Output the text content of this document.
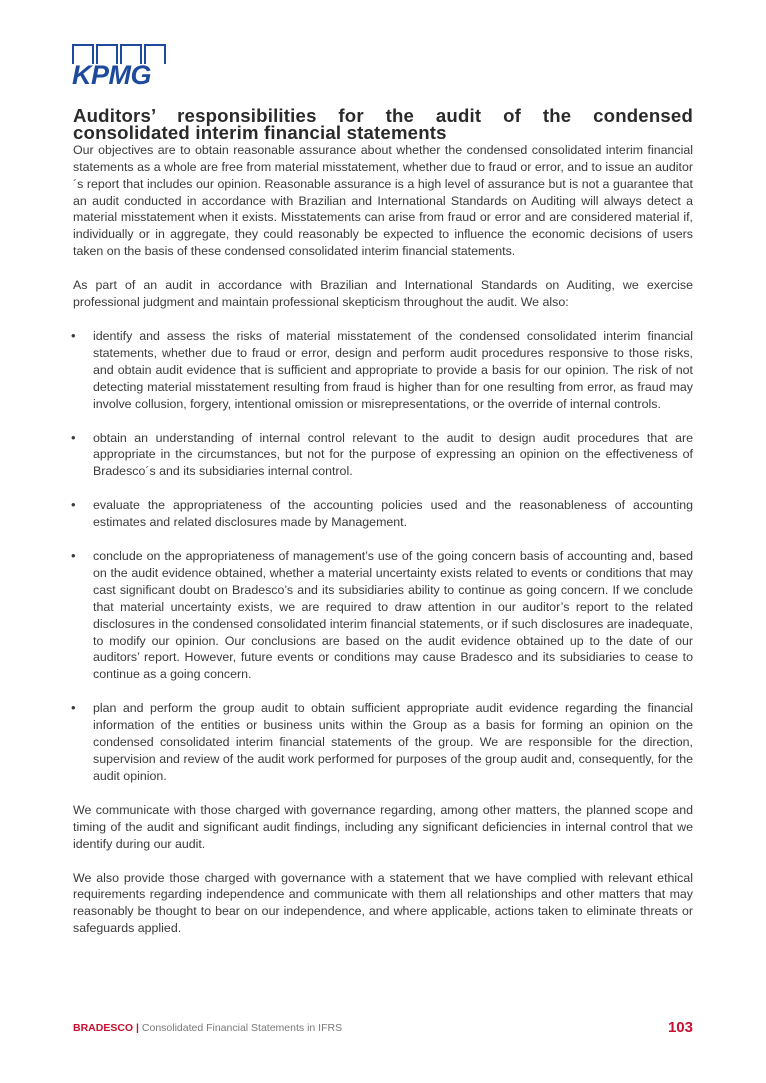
KPMG
Auditors’ responsibilities for the audit of the condensed consolidated interim financial statements

Our objectives are to obtain reasonable assurance about whether the condensed consolidated interim financial statements as a whole are free from material misstatement, whether due to fraud or error, and to issue an auditor´s report that includes our opinion. Reasonable assurance is a high level of assurance but is not a guarantee that an audit conducted in accordance with Brazilian and International Standards on Auditing will always detect a material misstatement when it exists. Misstatements can arise from fraud or error and are considered material if, individually or in aggregate, they could reasonably be expected to influence the economic decisions of users taken on the basis of these condensed consolidated interim financial statements.

As part of an audit in accordance with Brazilian and International Standards on Auditing, we exercise professional judgment and maintain professional skepticism throughout the audit. We also:

• identify and assess the risks of material misstatement of the condensed consolidated interim financial statements, whether due to fraud or error, design and perform audit procedures responsive to those risks, and obtain audit evidence that is sufficient and appropriate to provide a basis for our opinion. The risk of not detecting material misstatement resulting from fraud is higher than for one resulting from error, as fraud may involve collusion, forgery, intentional omission or misrepresentations, or the override of internal controls.
• obtain an understanding of internal control relevant to the audit to design audit procedures that are appropriate in the circumstances, but not for the purpose of expressing an opinion on the effectiveness of Bradesco´s and its subsidiaries internal control.
• evaluate the appropriateness of the accounting policies used and the reasonableness of accounting estimates and related disclosures made by Management.
• conclude on the appropriateness of management’s use of the going concern basis of accounting and, based on the audit evidence obtained, whether a material uncertainty exists related to events or conditions that may cast significant doubt on Bradesco’s and its subsidiaries ability to continue as going concern. If we conclude that material uncertainty exists, we are required to draw attention in our auditor’s report to the related disclosures in the condensed consolidated interim financial statements, or if such disclosures are inadequate, to modify our opinion. Our conclusions are based on the audit evidence obtained up to the date of our auditors’ report. However, future events or conditions may cause Bradesco and its subsidiaries to cease to continue as a going concern.
• plan and perform the group audit to obtain sufficient appropriate audit evidence regarding the financial information of the entities or business units within the Group as a basis for forming an opinion on the condensed consolidated interim financial statements of the group. We are responsible for the direction, supervision and review of the audit work performed for purposes of the group audit and, consequently, for the audit opinion.

We communicate with those charged with governance regarding, among other matters, the planned scope and timing of the audit and significant audit findings, including any significant deficiencies in internal control that we identify during our audit.

We also provide those charged with governance with a statement that we have complied with relevant ethical requirements regarding independence and communicate with them all relationships and other matters that may reasonably be thought to bear on our independence, and where applicable, actions taken to eliminate threats or safeguards applied.

BRADESCO | Consolidated Financial Statements in IFRS	103
